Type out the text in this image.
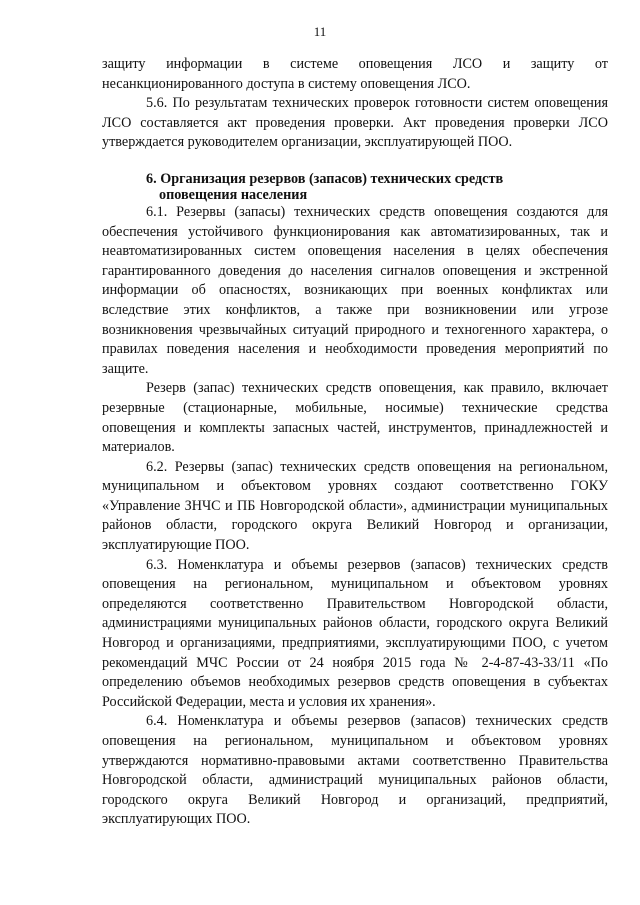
11

защиту информации в системе оповещения ЛСО и защиту от несанкционированного доступа в систему оповещения ЛСО.

5.6. По результатам технических проверок готовности систем оповещения ЛСО составляется акт проведения проверки. Акт проведения проверки ЛСО утверждается руководителем организации, эксплуатирующей ПОО.

6. Организация резервов (запасов) технических средств
оповещения населения

6.1. Резервы (запасы) технических средств оповещения создаются для обеспечения устойчивого функционирования как автоматизированных, так и неавтоматизированных систем оповещения населения в целях обеспечения гарантированного доведения до населения сигналов оповещения и экстренной информации об опасностях, возникающих при военных конфликтах или вследствие этих конфликтов, а также при возникновении или угрозе возникновения чрезвычайных ситуаций природного и техногенного характера, о правилах поведения населения и необходимости проведения мероприятий по защите.

Резерв (запас) технических средств оповещения, как правило, включает резервные (стационарные, мобильные, носимые) технические средства оповещения и комплекты запасных частей, инструментов, принадлежностей и материалов.

6.2. Резервы (запас) технических средств оповещения на региональном, муниципальном и объектовом уровнях создают соответственно ГОКУ «Управление ЗНЧС и ПБ Новгородской области», администрации муниципальных районов области, городского округа Великий Новгород и организации, эксплуатирующие ПОО.

6.3. Номенклатура и объемы резервов (запасов) технических средств оповещения на региональном, муниципальном и объектовом уровнях определяются соответственно Правительством Новгородской области, администрациями муниципальных районов области, городского округа Великий Новгород и организациями, предприятиями, эксплуатирующими ПОО, с учетом рекомендаций МЧС России от 24 ноября 2015 года № 2-4-87-43-33/11 «По определению объемов необходимых резервов средств оповещения в субъектах Российской Федерации, места и условия их хранения».

6.4. Номенклатура и объемы резервов (запасов) технических средств оповещения на региональном, муниципальном и объектовом уровнях утверждаются нормативно-правовыми актами соответственно Правительства Новгородской области, администраций муниципальных районов области, городского округа Великий Новгород и организаций, предприятий, эксплуатирующих ПОО.
